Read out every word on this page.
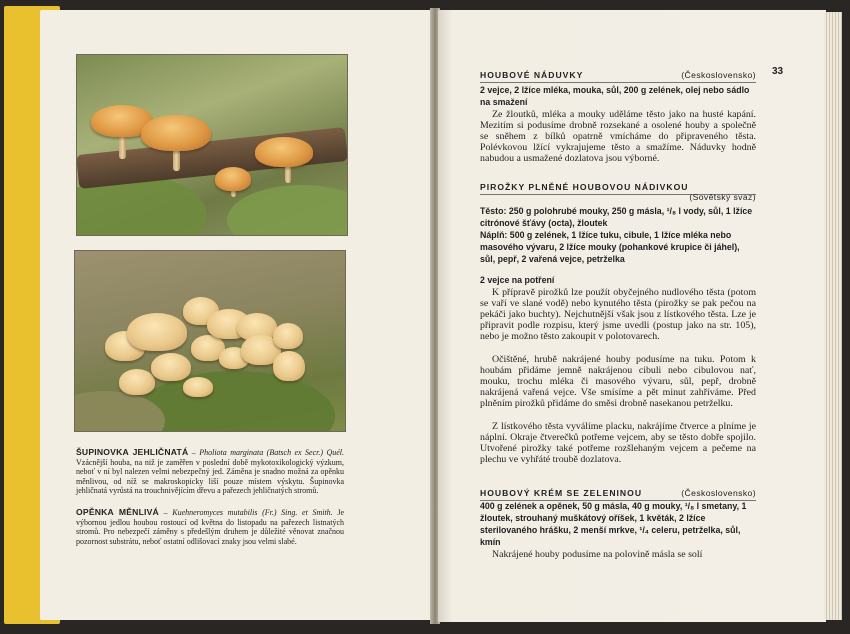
ŠUPINOVKA JEHLIČNATÁ – Pholiota marginata (Batsch ex Secr.) Quél. Vzácnější houba, na niž je zaměřen v poslední době mykotoxikologický výzkum, neboť v ní byl nalezen velmi nebezpečný jed. Záměna je snadno možná za opěnku měnlivou, od níž se makroskopicky liší pouze místem výskytu. Šupinovka jehličnatá vyrůstá na trouchnivějícím dřevu a pařezech jehličnatých stromů.

OPĚNKA MĚNLIVÁ – Kuehneromyces mutabilis (Fr.) Sing. et Smith. Je výbornou jedlou houbou rostoucí od května do listopadu na pařezech listnatých stromů. Pro nebezpečí záměny s předešlým druhem je důležité věnovat značnou pozornost substrátu, neboť ostatní odlišovací znaky jsou velmi slabé.

33
HOUBOVÉ NÁDUVKY	(Československo)

2 vejce, 2 lžíce mléka, mouka, sůl, 200 g zelének, olej nebo sádlo na smažení

Ze žloutků, mléka a mouky uděláme těsto jako na husté kapání. Mezitím si podusíme drobně rozsekané a osolené houby a společně se sněhem z bílků opatrně vmícháme do připraveného těsta. Polévkovou lžící vykrajujeme těsto a smažíme. Náduvky hodně nabudou a usmažené dozlatova jsou výborné.

PIROŽKY PLNĚNÉ HOUBOVOU NÁDIVKOU
(Sovětský svaz)

Těsto: 250 g polohrubé mouky, 250 g másla, ¹/₈ l vody, sůl, 1 lžíce citrónové šťávy (octa), žloutek

Náplň: 500 g zelének, 1 lžíce tuku, cibule, 1 lžíce mléka nebo masového vývaru, 2 lžíce mouky (pohankové krupice či jáhel), sůl, pepř, 2 vařená vejce, petrželka

2 vejce na potření

K přípravě pirožků lze použít obyčejného nudlového těsta (potom se vaří ve slané vodě) nebo kynutého těsta (pirožky se pak pečou na pekáči jako buchty). Nejchutnější však jsou z lístkového těsta. Lze je připravit podle rozpisu, který jsme uvedli (postup jako na str. 105), nebo je možno těsto zakoupit v polotovarech.

Očištěné, hrubě nakrájené houby podusíme na tuku. Potom k houbám přidáme jemně nakrájenou cibuli nebo cibulovou nať, mouku, trochu mléka či masového vývaru, sůl, pepř, drobně nakrájená vařená vejce. Vše smísíme a pět minut zahříváme. Před plněním pirožků přidáme do směsi drobně nasekanou petrželku.

Z lístkového těsta vyválíme placku, nakrájíme čtverce a plníme je náplní. Okraje čtverečků potřeme vejcem, aby se těsto dobře spojilo. Utvořené pirožky také potřeme rozšlehaným vejcem a pečeme na plechu ve vyhřáté troubě dozlatova.

HOUBOVÝ KRÉM SE ZELENINOU	(Československo)

400 g zelének a opěnek, 50 g másla, 40 g mouky, ¹/₈ l smetany, 1 žloutek, strouhaný muškátový oříšek, 1 květák, 2 lžíce sterilovaného hrášku, 2 menší mrkve, ¹/₄ celeru, petrželka, sůl, kmín

Nakrájené houby podusíme na polovině másla se solí
